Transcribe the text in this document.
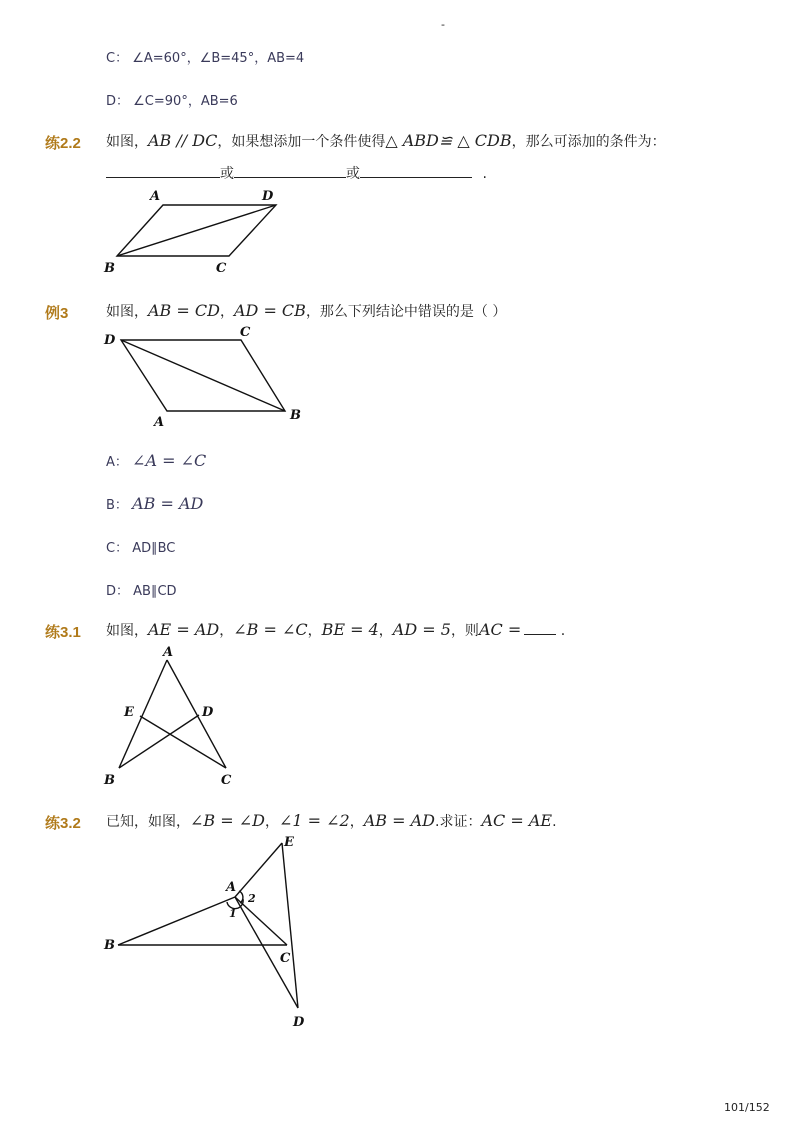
-
C： ∠A=60°，∠B=45°，AB=4
D： ∠C=90°，AB=6
练2.2 如图，AB // DC，如果想添加一个条件使得△ ABD≌ △ CDB，那么可添加的条件为：
或	或	.
A	D
B	C
例3	如图，AB = CD，AD = CB，那么下列结论中错误的是（ ）
D
C
A	B
A： ∠A = ∠C
B： AB = AD
C： AD∥BC
D： AB∥CD
练3.1 如图，AE = AD，∠B = ∠C，BE = 4，AD = 5，则AC =	.
A
E	D
B	C
练3.2 已知，如图，∠B = ∠D，∠1 = ∠2，AB = AD.求证：AC = AE.
A
E
B
C
D
1
2
101/152
